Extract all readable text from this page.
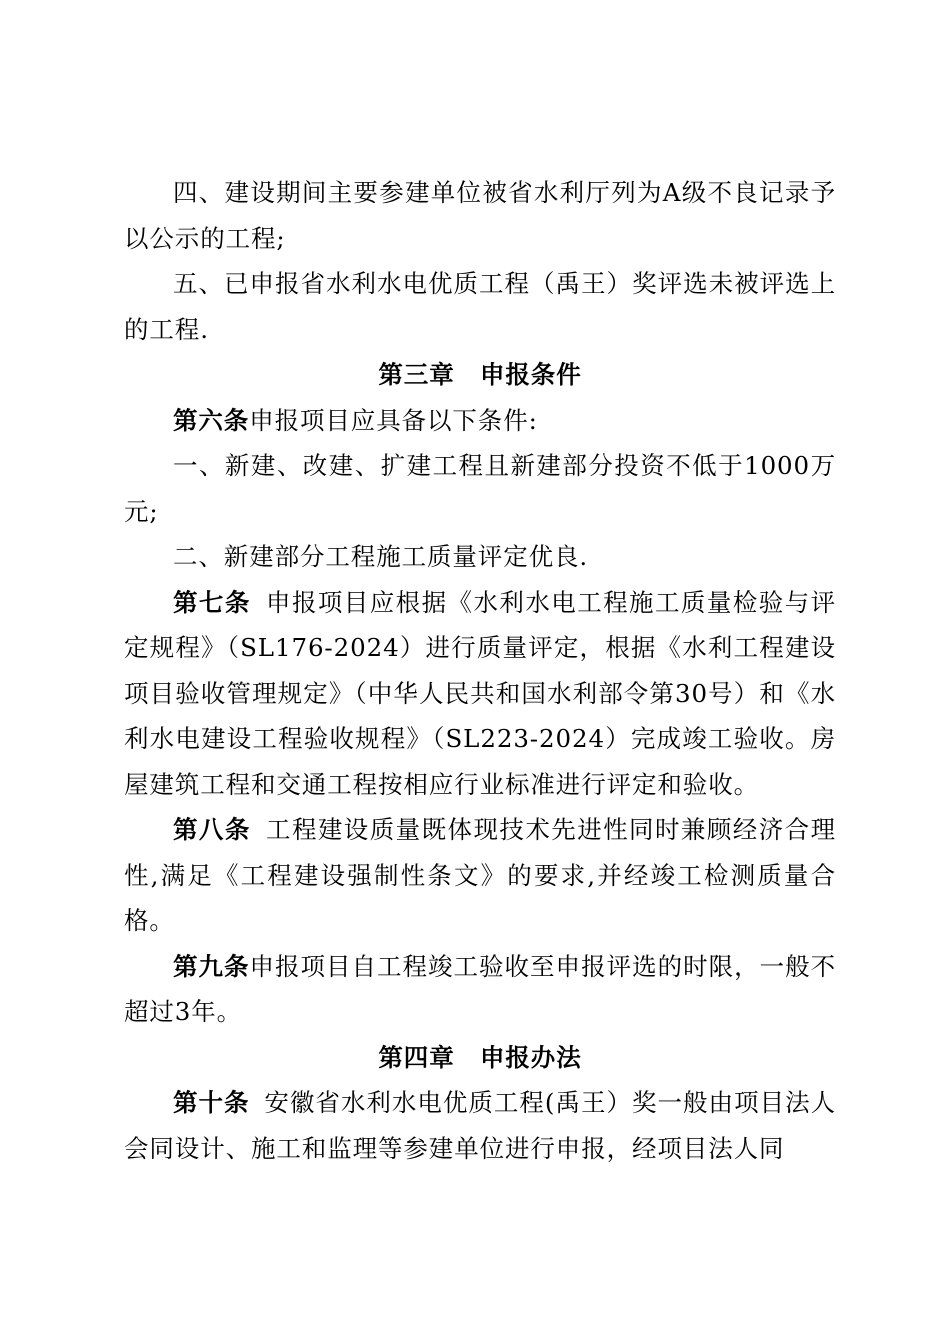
四、建设期间主要参建单位被省水利厅列为A级不良记录予以公示的工程;

五、已申报省水利水电优质工程（禹王）奖评选未被评选上的工程.

第三章　申报条件

第六条申报项目应具备以下条件:

一、新建、改建、扩建工程且新建部分投资不低于1000万元;

二、新建部分工程施工质量评定优良.

第七条 申报项目应根据《水利水电工程施工质量检验与评定规程》（SL176-2024）进行质量评定，根据《水利工程建设项目验收管理规定》（中华人民共和国水利部令第30号）和《水利水电建设工程验收规程》（SL223-2024）完成竣工验收。房屋建筑工程和交通工程按相应行业标准进行评定和验收。

第八条 工程建设质量既体现技术先进性同时兼顾经济合理性,满足《工程建设强制性条文》的要求,并经竣工检测质量合格。

第九条申报项目自工程竣工验收至申报评选的时限，一般不超过3年。

第四章　申报办法

第十条 安徽省水利水电优质工程(禹王）奖一般由项目法人会同设计、施工和监理等参建单位进行申报，经项目法人同
